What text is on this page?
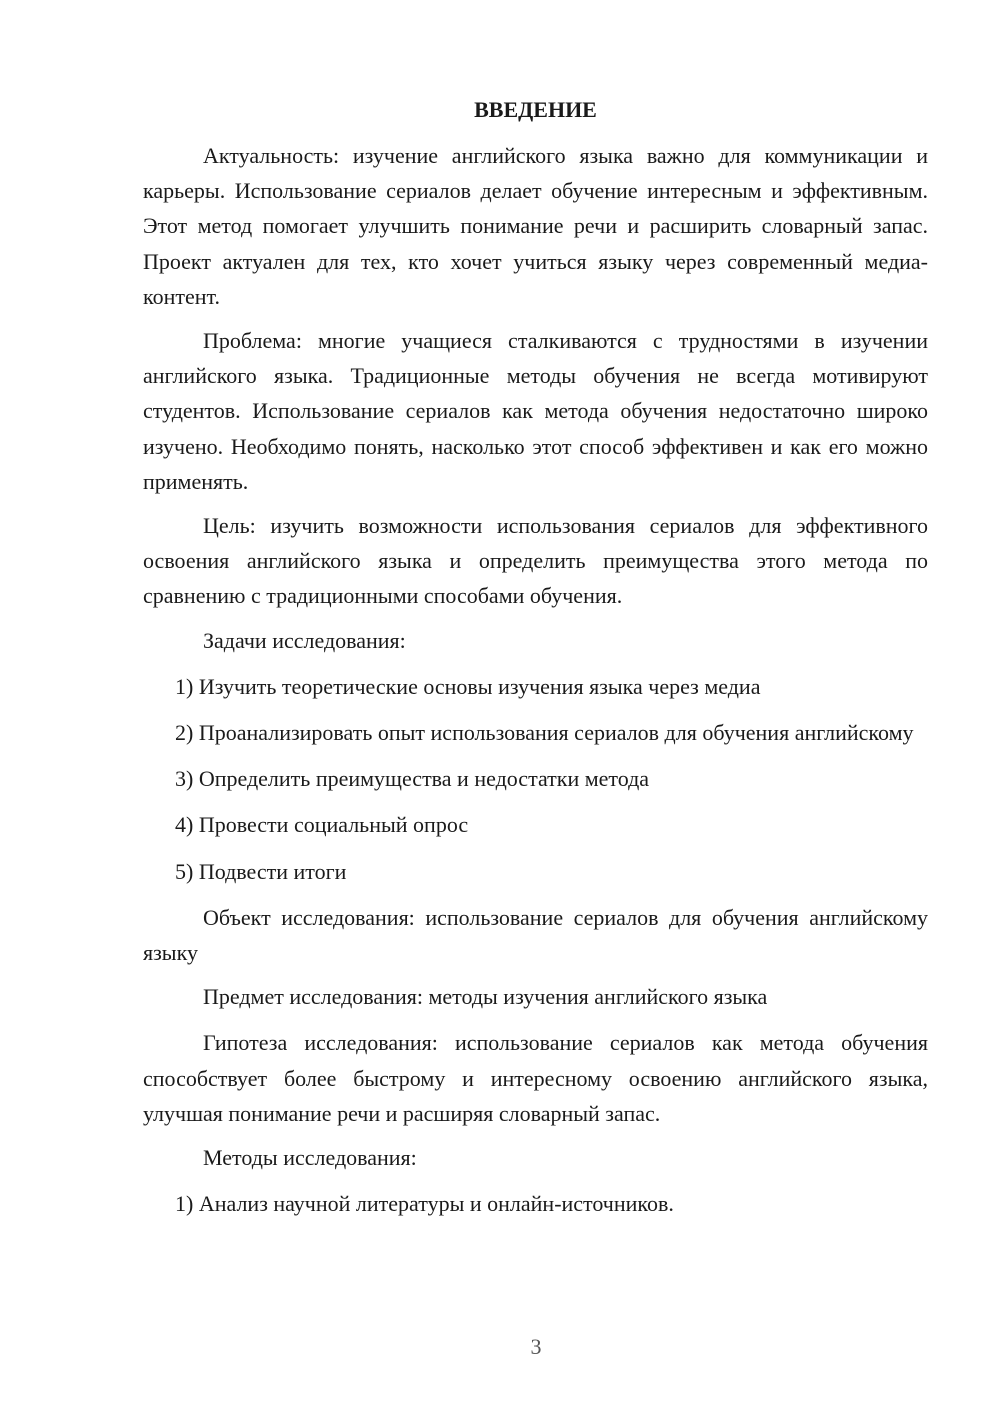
ВВЕДЕНИЕ

Актуальность: изучение английского языка важно для коммуникации и карьеры. Использование сериалов делает обучение интересным и эффективным. Этот метод помогает улучшить понимание речи и расширить словарный запас. Проект актуален для тех, кто хочет учиться языку через современный медиа-контент.

Проблема: многие учащиеся сталкиваются с трудностями в изучении английского языка. Традиционные методы обучения не всегда мотивируют студентов. Использование сериалов как метода обучения недостаточно широко изучено. Необходимо понять, насколько этот способ эффективен и как его можно применять.

Цель: изучить возможности использования сериалов для эффективного освоения английского языка и определить преимущества этого метода по сравнению с традиционными способами обучения.

Задачи исследования:

1) Изучить теоретические основы изучения языка через медиа

2) Проанализировать опыт использования сериалов для обучения английскому

3) Определить преимущества и недостатки метода

4) Провести социальный опрос

5) Подвести итоги

Объект исследования: использование сериалов для обучения английскому языку

Предмет исследования: методы изучения английского языка

Гипотеза исследования: использование сериалов как метода обучения способствует более быстрому и интересному освоению английского языка, улучшая понимание речи и расширяя словарный запас.

Методы исследования:

1) Анализ научной литературы и онлайн-источников.

3
